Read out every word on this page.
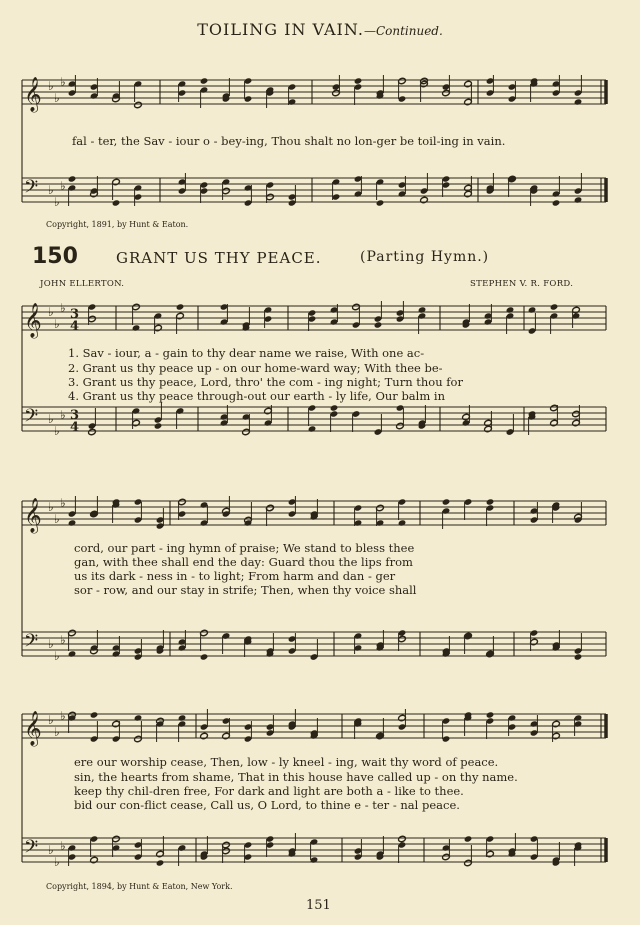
TOILING IN VAIN.—Continued.
𝄞 ♭
♭
♭
𝄢 ♭
♭
♭
𝄞 ♭
♭
♭ 3
4
𝄢 ♭
♭
♭ 3
4
𝄞 ♭
♭
♭
𝄢 ♭
♭
♭
𝄞 ♭
♭
♭
𝄢 ♭
♭
♭
fal - ter, the Sav - iour o - bey-ing, Thou shalt no lon-ger be toil-ing in vain.
Copyright, 1891, by Hunt & Eaton.
150	GRANT US THY PEACE.	(Parting Hymn.)
JOHN ELLERTON.	STEPHEN V. R. FORD.
1. Sav - iour, a - gain to thy dear name we raise, With one ac-
2. Grant us thy peace up - on our home-ward way; With thee be-
3. Grant us thy peace, Lord, thro' the com - ing night; Turn thou for
4. Grant us thy peace through-out our earth - ly life, Our balm in
cord, our part - ing hymn of praise; We stand to bless thee
gan, with thee shall end the day: Guard thou the lips from
us its dark - ness in - to light; From harm and dan - ger
sor - row, and our stay in strife; Then, when thy voice shall
ere our worship cease, Then, low - ly kneel - ing, wait thy word of peace.
sin, the hearts from shame, That in this house have called up - on thy name.
keep thy chil-dren free, For dark and light are both a - like to thee.
bid our con-flict cease, Call us, O Lord, to thine e - ter - nal peace.
Copyright, 1894, by Hunt & Eaton, New York.
151
